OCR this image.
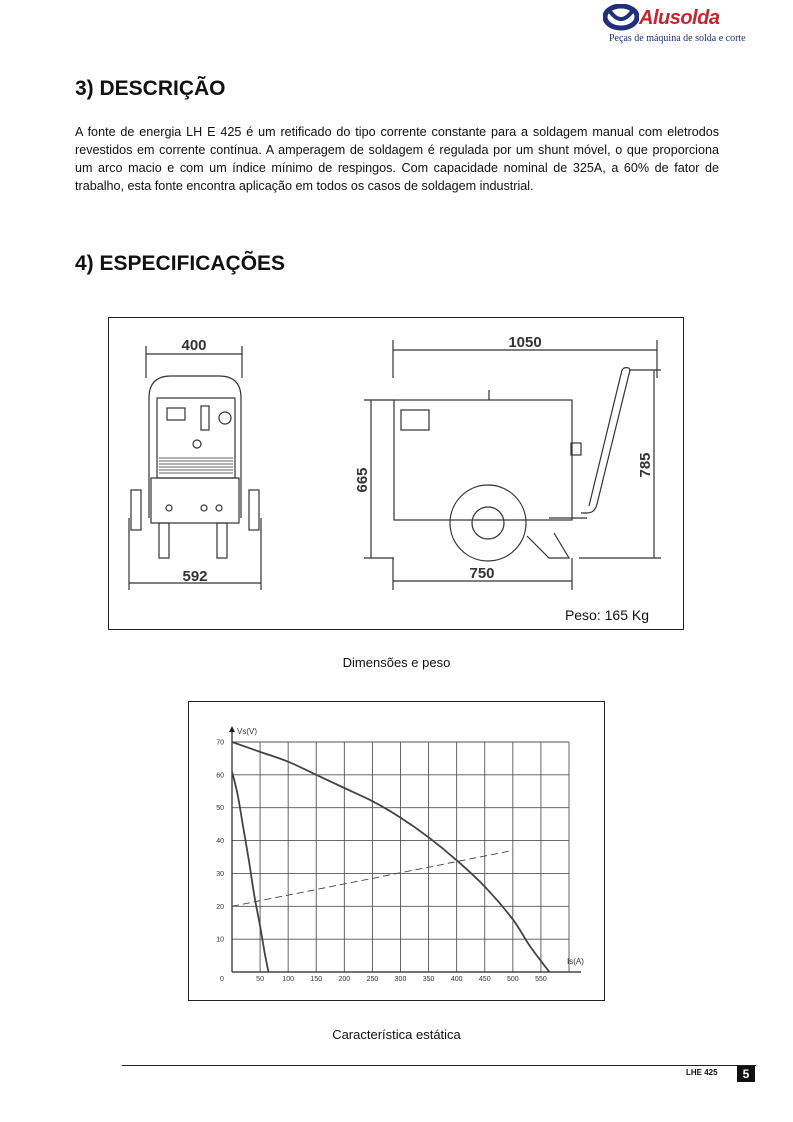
Alusolda
Peças de máquina de solda e corte
3) DESCRIÇÃO

A fonte de energia LH E 425 é um retificado do tipo corrente constante para a soldagem manual com eletrodos revestidos em corrente contínua. A amperagem de soldagem é regulada por um shunt móvel, o que proporciona um arco macio e com um índice mínimo de respingos. Com capacidade nominal de 325A, a 60% de fator de trabalho, esta fonte encontra aplicação em todos os casos de soldagem industrial.

4) ESPECIFICAÇÕES
400
592
1050
750
665
785
Peso: 165 Kg
Dimensões e peso
0	50	100 150 200 250 300 350 400 450 500 550
10
20
30
40
50
60
70
Is(A)
Vs(V)
Característica estática
LHE 425	5
